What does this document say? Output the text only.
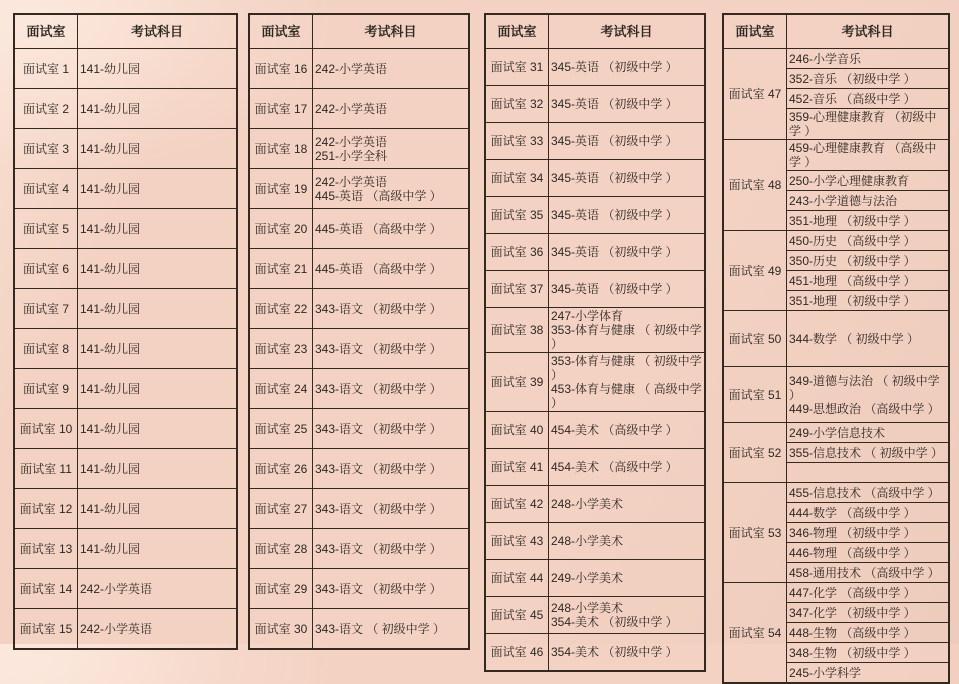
面试室	考试科目
面试室 1	141-幼儿园
面试室 2	141-幼儿园
面试室 3	141-幼儿园
面试室 4	141-幼儿园
面试室 5	141-幼儿园
面试室 6	141-幼儿园
面试室 7	141-幼儿园
面试室 8	141-幼儿园
面试室 9	141-幼儿园
面试室 10	141-幼儿园
面试室 11	141-幼儿园
面试室 12	141-幼儿园
面试室 13	141-幼儿园
面试室 14	242-小学英语
面试室 15	242-小学英语
面试室	考试科目
面试室 16	242-小学英语
面试室 17	242-小学英语
面试室 18	242-小学英语
251-小学全科
面试室 19	242-小学英语
445-英语 （高级中学 ）
面试室 20	445-英语 （高级中学 ）
面试室 21	445-英语 （高级中学 ）
面试室 22	343-语文 （初级中学 ）
面试室 23	343-语文 （初级中学 ）
面试室 24	343-语文 （初级中学 ）
面试室 25	343-语文 （初级中学 ）
面试室 26	343-语文 （初级中学 ）
面试室 27	343-语文 （初级中学 ）
面试室 28	343-语文 （初级中学 ）
面试室 29	343-语文 （初级中学 ）
面试室 30	343-语文 （ 初级中学 ）
面试室	考试科目
面试室 31	345-英语 （初级中学 ）
面试室 32	345-英语 （初级中学 ）
面试室 33	345-英语 （初级中学 ）
面试室 34	345-英语 （初级中学 ）
面试室 35	345-英语 （初级中学 ）
面试室 36	345-英语 （初级中学 ）
面试室 37	345-英语 （初级中学 ）
面试室 38	247-小学体育
353-体育与健康 （ 初级中学 ）
面试室 39	353-体育与健康 （ 初级中学 ）
453-体育与健康 （ 高级中学 ）
面试室 40	454-美术 （高级中学 ）
面试室 41	454-美术 （高级中学 ）
面试室 42	248-小学美术
面试室 43	248-小学美术
面试室 44	249-小学美术
面试室 45	248-小学美术
354-美术 （初级中学 ）
面试室 46	354-美术 （初级中学 ）
面试室	考试科目
面试室 47	246-小学音乐
	352-音乐 （初级中学 ）
	452-音乐 （高级中学 ）
	359-心理健康教育 （初级中学 ）
面试室 48	459-心理健康教育 （高级中学 ）
	250-小学心理健康教育
	243-小学道德与法治
	351-地理 （初级中学 ）
面试室 49	450-历史 （高级中学 ）
	350-历史 （初级中学 ）
	451-地理 （高级中学 ）
	351-地理 （初级中学 ）
面试室 50	344-数学 （ 初级中学 ）
面试室 51	349-道德与法治 （ 初级中学 ）
449-思想政治 （高级中学 ）
面试室 52	249-小学信息技术
	355-信息技术 （ 初级中学 ）

面试室 53	455-信息技术 （高级中学 ）
	444-数学 （高级中学 ）
	346-物理 （初级中学 ）
	446-物理 （高级中学 ）
	458-通用技术 （高级中学 ）
面试室 54	447-化学 （高级中学 ）
	347-化学 （初级中学 ）
	448-生物 （高级中学 ）
	348-生物 （初级中学 ）
	245-小学科学
